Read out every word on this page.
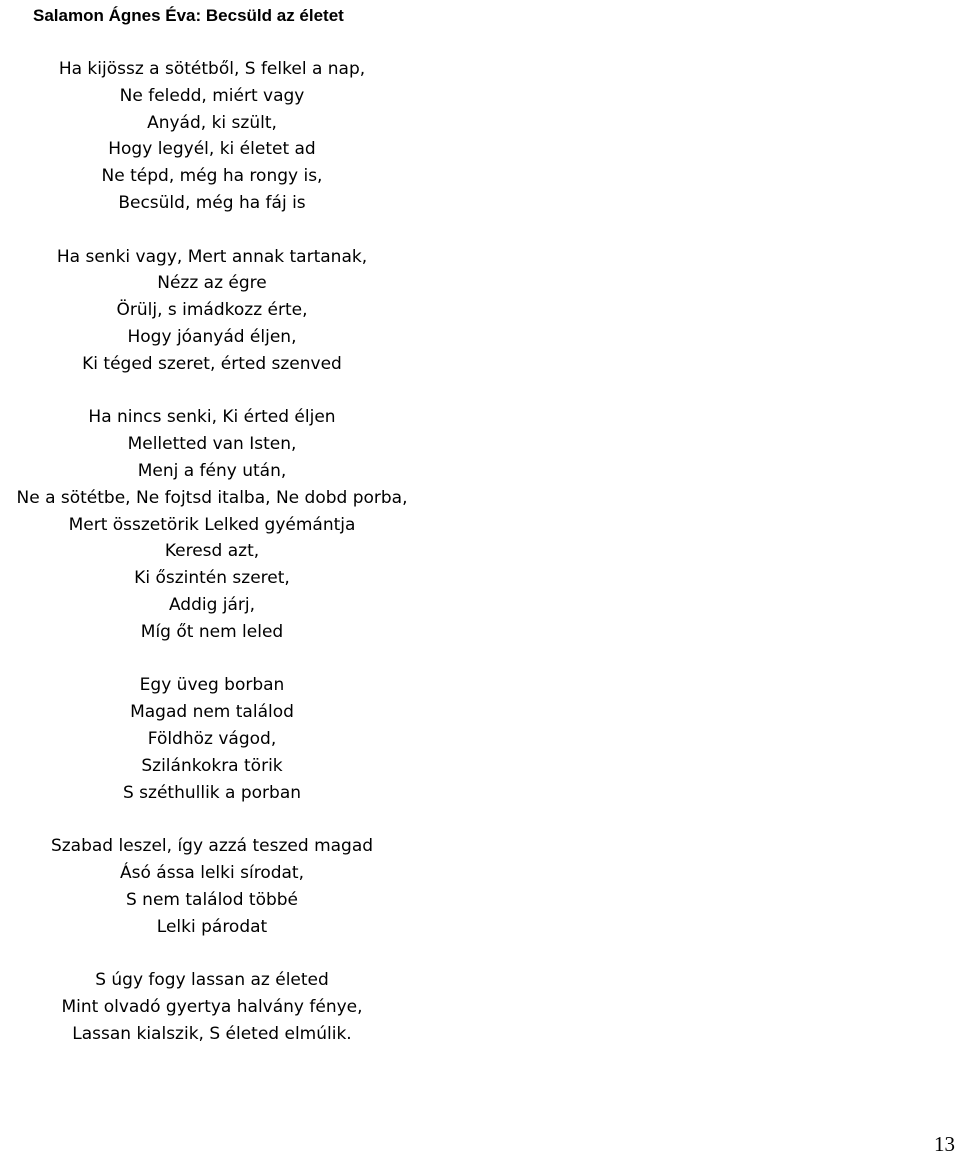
Salamon Ágnes Éva: Becsüld az életet
Ha kijössz a sötétből, S felkel a nap,
Ne feledd, miért vagy
Anyád, ki szült,
Hogy legyél, ki életet ad
Ne tépd, még ha rongy is,
Becsüld, még ha fáj is
Ha senki vagy, Mert annak tartanak,
Nézz az égre
Örülj, s imádkozz érte,
Hogy jóanyád éljen,
Ki téged szeret, érted szenved
Ha nincs senki, Ki érted éljen
Melletted van Isten,
Menj a fény után,
Ne a sötétbe, Ne fojtsd italba, Ne dobd porba,
Mert összetörik Lelked gyémántja
Keresd azt,
Ki őszintén szeret,
Addig járj,
Míg őt nem leled
Egy üveg borban
Magad nem találod
Földhöz vágod,
Szilánkokra törik
S széthullik a porban
Szabad leszel, így azzá teszed magad
Ásó ássa lelki sírodat,
S nem találod többé
Lelki párodat
S úgy fogy lassan az életed
Mint olvadó gyertya halvány fénye,
Lassan kialszik, S életed elmúlik.
13
